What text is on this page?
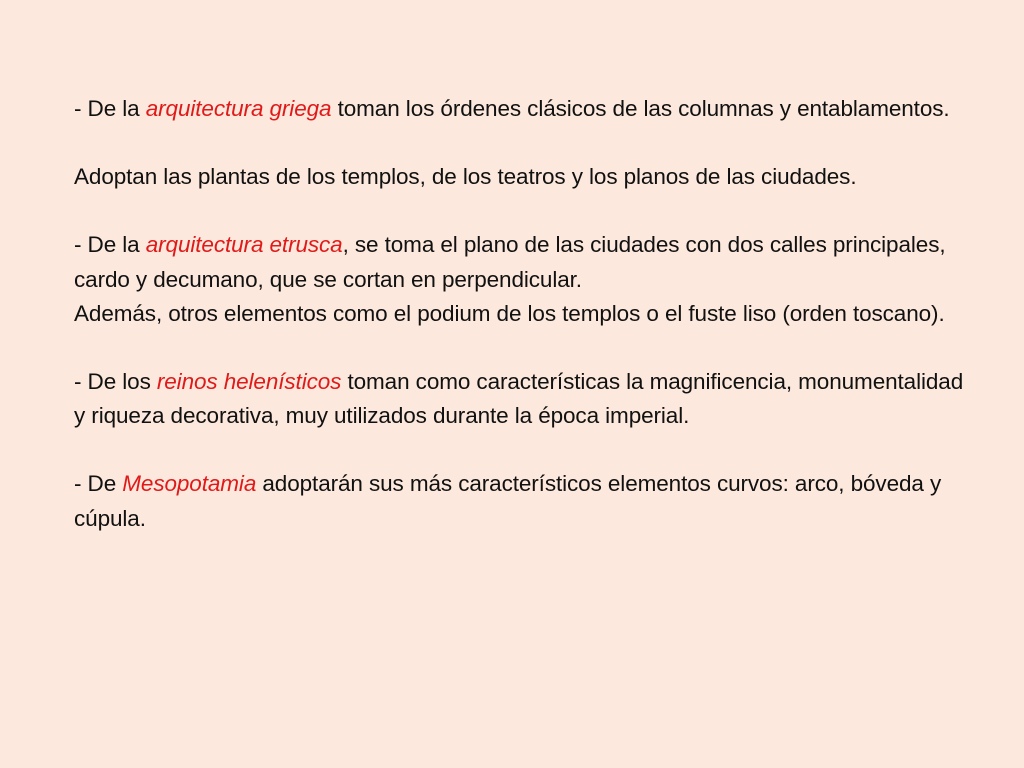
- De la arquitectura griega toman los órdenes clásicos de las columnas y entablamentos.

Adoptan las plantas de los templos, de los teatros y los planos de las ciudades.

- De la arquitectura etrusca, se toma el plano de las ciudades con dos calles principales, cardo y decumano, que se cortan en perpendicular.

Además, otros elementos como el podium de los templos o el fuste liso (orden toscano).

- De los reinos helenísticos toman como características la magnificencia, monumentalidad y riqueza decorativa, muy utilizados durante la época imperial.

- De Mesopotamia adoptarán sus más característicos elementos curvos: arco, bóveda y cúpula.
